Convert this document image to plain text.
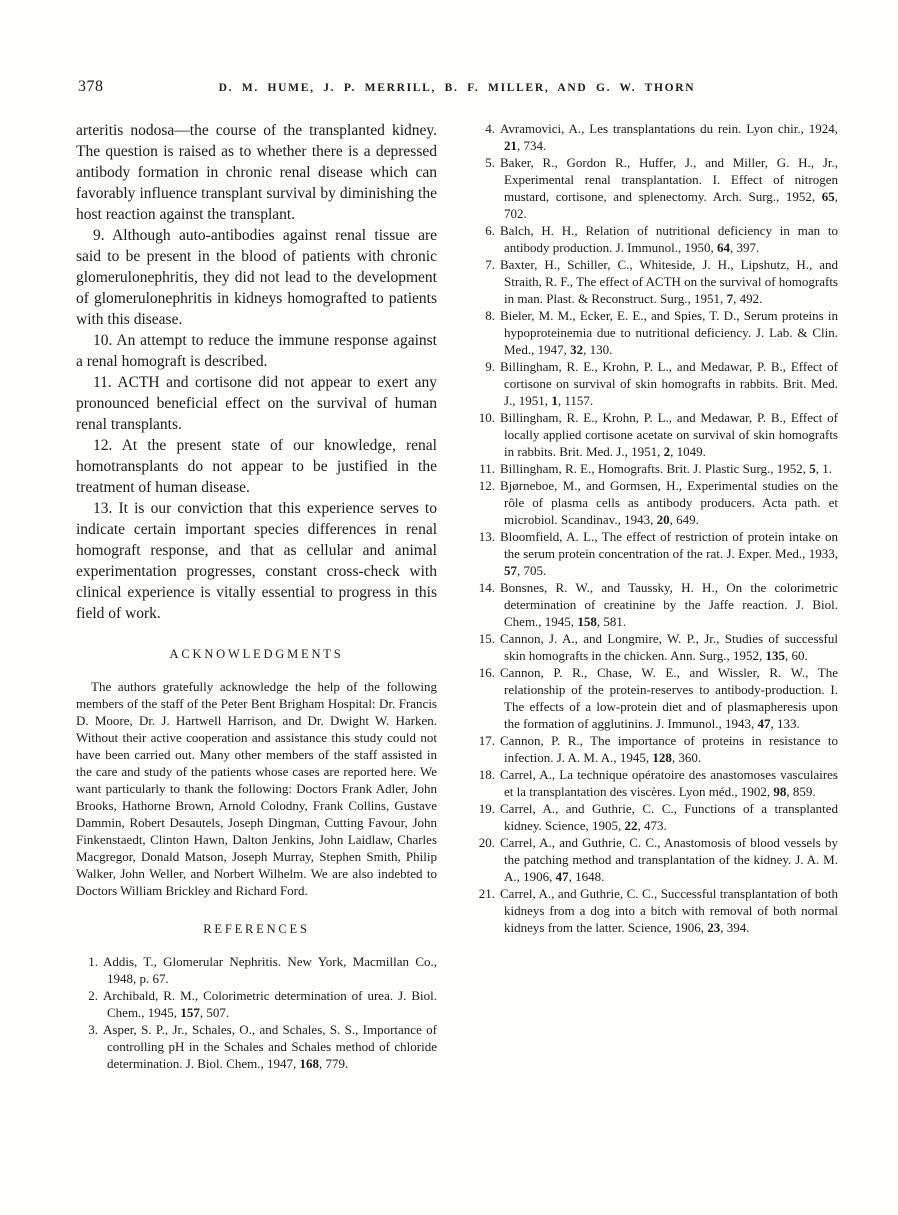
378	D. M. HUME, J. P. MERRILL, B. F. MILLER, AND G. W. THORN

arteritis nodosa—the course of the transplanted kidney. The question is raised as to whether there is a depressed antibody formation in chronic renal disease which can favorably influence transplant survival by diminishing the host reaction against the transplant.

9. Although auto-antibodies against renal tissue are said to be present in the blood of patients with chronic glomerulonephritis, they did not lead to the development of glomerulonephritis in kidneys homografted to patients with this disease.

10. An attempt to reduce the immune response against a renal homograft is described.

11. ACTH and cortisone did not appear to exert any pronounced beneficial effect on the survival of human renal transplants.

12. At the present state of our knowledge, renal homotransplants do not appear to be justified in the treatment of human disease.

13. It is our conviction that this experience serves to indicate certain important species differences in renal homograft response, and that as cellular and animal experimentation progresses, constant cross-check with clinical experience is vitally essential to progress in this field of work.

ACKNOWLEDGMENTS

The authors gratefully acknowledge the help of the following members of the staff of the Peter Bent Brigham Hospital: Dr. Francis D. Moore, Dr. J. Hartwell Harrison, and Dr. Dwight W. Harken. Without their active cooperation and assistance this study could not have been carried out. Many other members of the staff assisted in the care and study of the patients whose cases are reported here. We want particularly to thank the following: Doctors Frank Adler, John Brooks, Hathorne Brown, Arnold Colodny, Frank Collins, Gustave Dammin, Robert Desautels, Joseph Dingman, Cutting Favour, John Finkenstaedt, Clinton Hawn, Dalton Jenkins, John Laidlaw, Charles Macgregor, Donald Matson, Joseph Murray, Stephen Smith, Philip Walker, John Weller, and Norbert Wilhelm. We are also indebted to Doctors William Brickley and Richard Ford.

REFERENCES
1. Addis, T., Glomerular Nephritis. New York, Macmillan Co., 1948, p. 67.
2. Archibald, R. M., Colorimetric determination of urea. J. Biol. Chem., 1945, 157, 507.
3. Asper, S. P., Jr., Schales, O., and Schales, S. S., Importance of controlling pH in the Schales and Schales method of chloride determination. J. Biol. Chem., 1947, 168, 779.
4. Avramovici, A., Les transplantations du rein. Lyon chir., 1924, 21, 734.
5. Baker, R., Gordon R., Huffer, J., and Miller, G. H., Jr., Experimental renal transplantation. I. Effect of nitrogen mustard, cortisone, and splenectomy. Arch. Surg., 1952, 65, 702.
6. Balch, H. H., Relation of nutritional deficiency in man to antibody production. J. Immunol., 1950, 64, 397.
7. Baxter, H., Schiller, C., Whiteside, J. H., Lipshutz, H., and Straith, R. F., The effect of ACTH on the survival of homografts in man. Plast. & Reconstruct. Surg., 1951, 7, 492.
8. Bieler, M. M., Ecker, E. E., and Spies, T. D., Serum proteins in hypoproteinemia due to nutritional deficiency. J. Lab. & Clin. Med., 1947, 32, 130.
9. Billingham, R. E., Krohn, P. L., and Medawar, P. B., Effect of cortisone on survival of skin homografts in rabbits. Brit. Med. J., 1951, 1, 1157.
10. Billingham, R. E., Krohn, P. L., and Medawar, P. B., Effect of locally applied cortisone acetate on survival of skin homografts in rabbits. Brit. Med. J., 1951, 2, 1049.
11. Billingham, R. E., Homografts. Brit. J. Plastic Surg., 1952, 5, 1.
12. Bjørneboe, M., and Gormsen, H., Experimental studies on the rôle of plasma cells as antibody producers. Acta path. et microbiol. Scandinav., 1943, 20, 649.
13. Bloomfield, A. L., The effect of restriction of protein intake on the serum protein concentration of the rat. J. Exper. Med., 1933, 57, 705.
14. Bonsnes, R. W., and Taussky, H. H., On the colorimetric determination of creatinine by the Jaffe reaction. J. Biol. Chem., 1945, 158, 581.
15. Cannon, J. A., and Longmire, W. P., Jr., Studies of successful skin homografts in the chicken. Ann. Surg., 1952, 135, 60.
16. Cannon, P. R., Chase, W. E., and Wissler, R. W., The relationship of the protein-reserves to antibody-production. I. The effects of a low-protein diet and of plasmapheresis upon the formation of agglutinins. J. Immunol., 1943, 47, 133.
17. Cannon, P. R., The importance of proteins in resistance to infection. J. A. M. A., 1945, 128, 360.
18. Carrel, A., La technique opératoire des anastomoses vasculaires et la transplantation des viscères. Lyon méd., 1902, 98, 859.
19. Carrel, A., and Guthrie, C. C., Functions of a transplanted kidney. Science, 1905, 22, 473.
20. Carrel, A., and Guthrie, C. C., Anastomosis of blood vessels by the patching method and transplantation of the kidney. J. A. M. A., 1906, 47, 1648.
21. Carrel, A., and Guthrie, C. C., Successful transplantation of both kidneys from a dog into a bitch with removal of both normal kidneys from the latter. Science, 1906, 23, 394.
